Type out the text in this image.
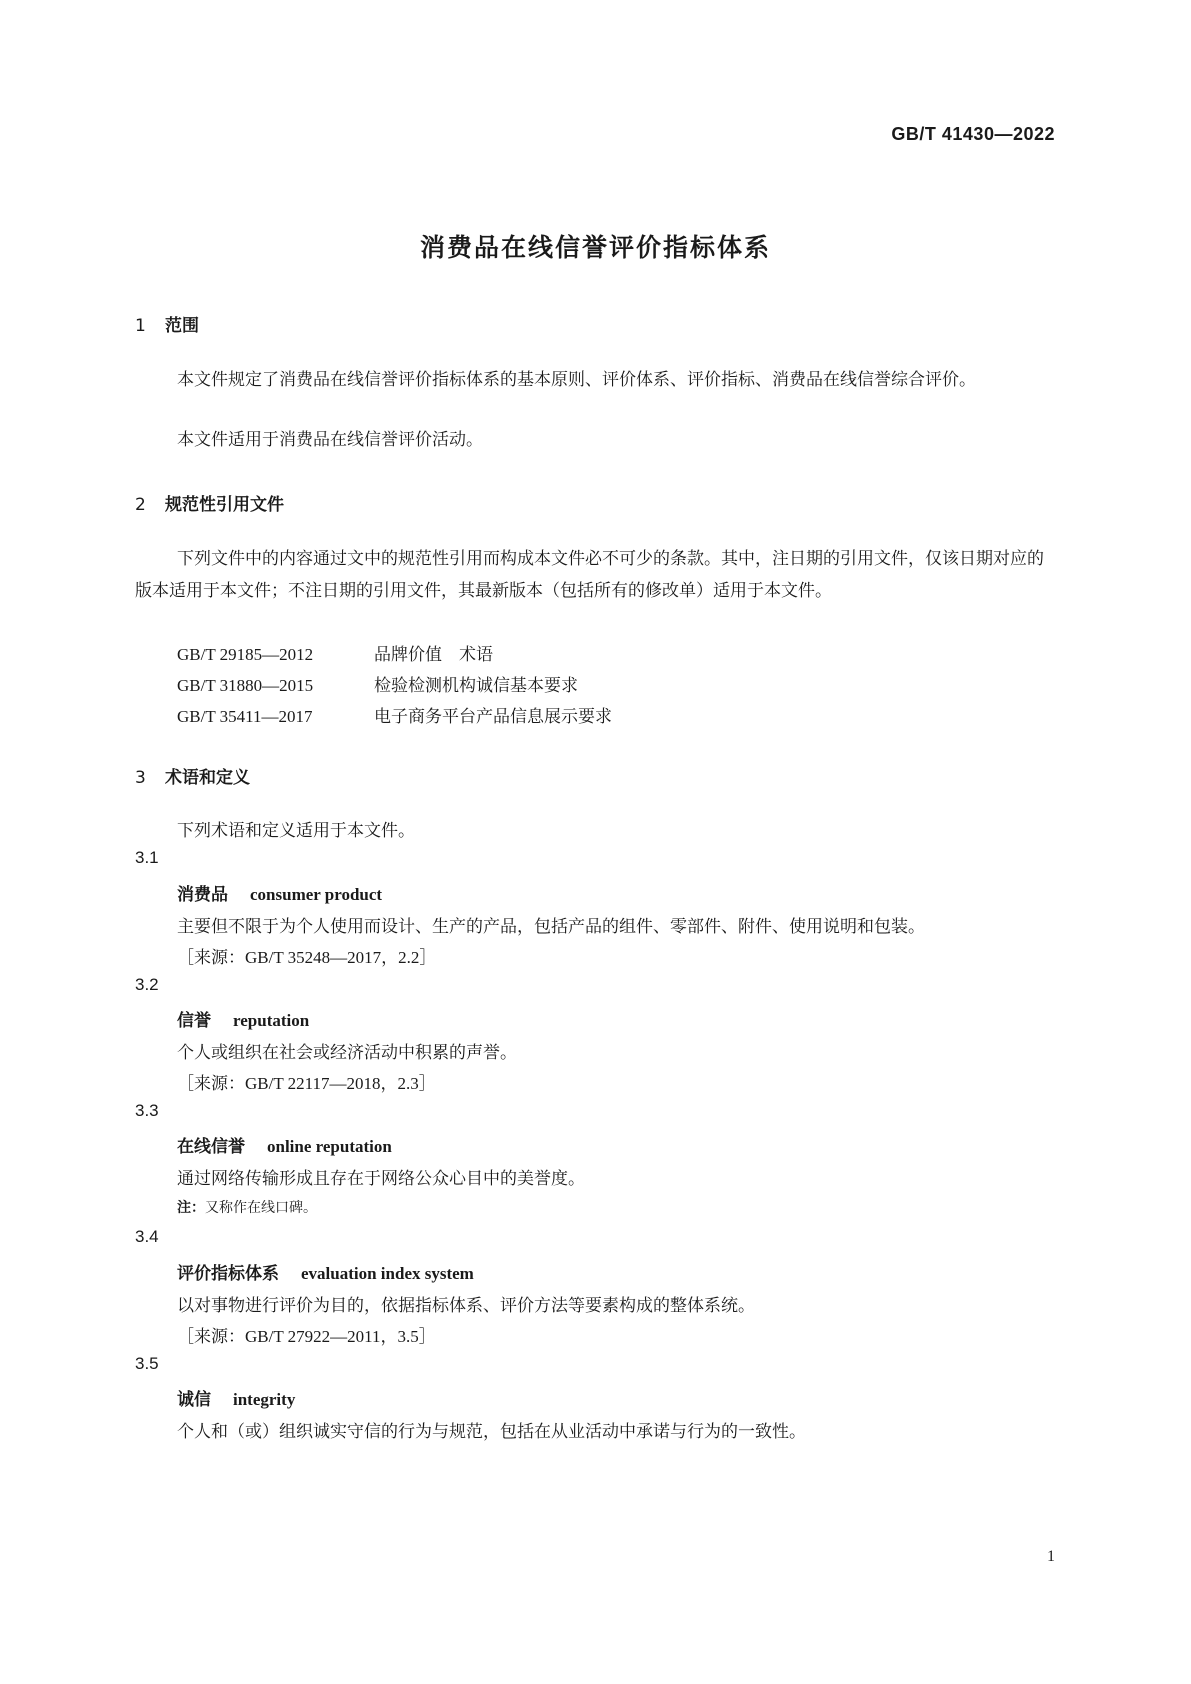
GB/T 41430—2022
消费品在线信誉评价指标体系
1 范围
本文件规定了消费品在线信誉评价指标体系的基本原则、评价体系、评价指标、消费品在线信誉综合评价。
本文件适用于消费品在线信誉评价活动。
2 规范性引用文件
下列文件中的内容通过文中的规范性引用而构成本文件必不可少的条款。其中，注日期的引用文件，仅该日期对应的版本适用于本文件；不注日期的引用文件，其最新版本（包括所有的修改单）适用于本文件。
GB/T 29185—2012	品牌价值　术语
GB/T 31880—2015	检验检测机构诚信基本要求
GB/T 35411—2017	电子商务平台产品信息展示要求
3 术语和定义
下列术语和定义适用于本文件。
3.1
消费品 consumer product
主要但不限于为个人使用而设计、生产的产品，包括产品的组件、零部件、附件、使用说明和包装。
［来源：GB/T 35248—2017，2.2］
3.2
信誉 reputation
个人或组织在社会或经济活动中积累的声誉。
［来源：GB/T 22117—2018，2.3］
3.3
在线信誉 online reputation
通过网络传输形成且存在于网络公众心目中的美誉度。
注：又称作在线口碑。
3.4
评价指标体系 evaluation index system
以对事物进行评价为目的，依据指标体系、评价方法等要素构成的整体系统。
［来源：GB/T 27922—2011，3.5］
3.5
诚信 integrity
个人和（或）组织诚实守信的行为与规范，包括在从业活动中承诺与行为的一致性。
1
